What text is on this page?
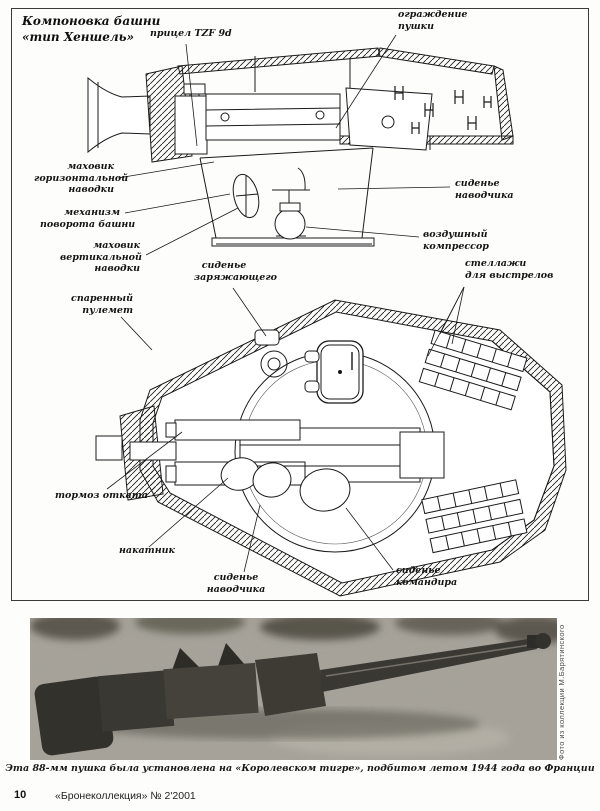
Компоновка башни
«тип Хеншель»	прицел TZF 9d
ограждение
пушки
маховик
горизонтальной
наводки
сиденье
наводчика
механизм
поворота башни
воздушный
компрессор
маховик
вертикальной
наводки	сиденье
заряжающего
стеллажи
для выстрелов
спаренный
пулемет
тормоз отката
накатник
сиденье
наводчика
сиденье
командира
Фото из коллекции М.Барятинского
Эта 88-мм пушка была установлена на «Королевском тигре», подбитом летом 1944 года во Франции
10	«Бронеколлекция» № 2'2001
